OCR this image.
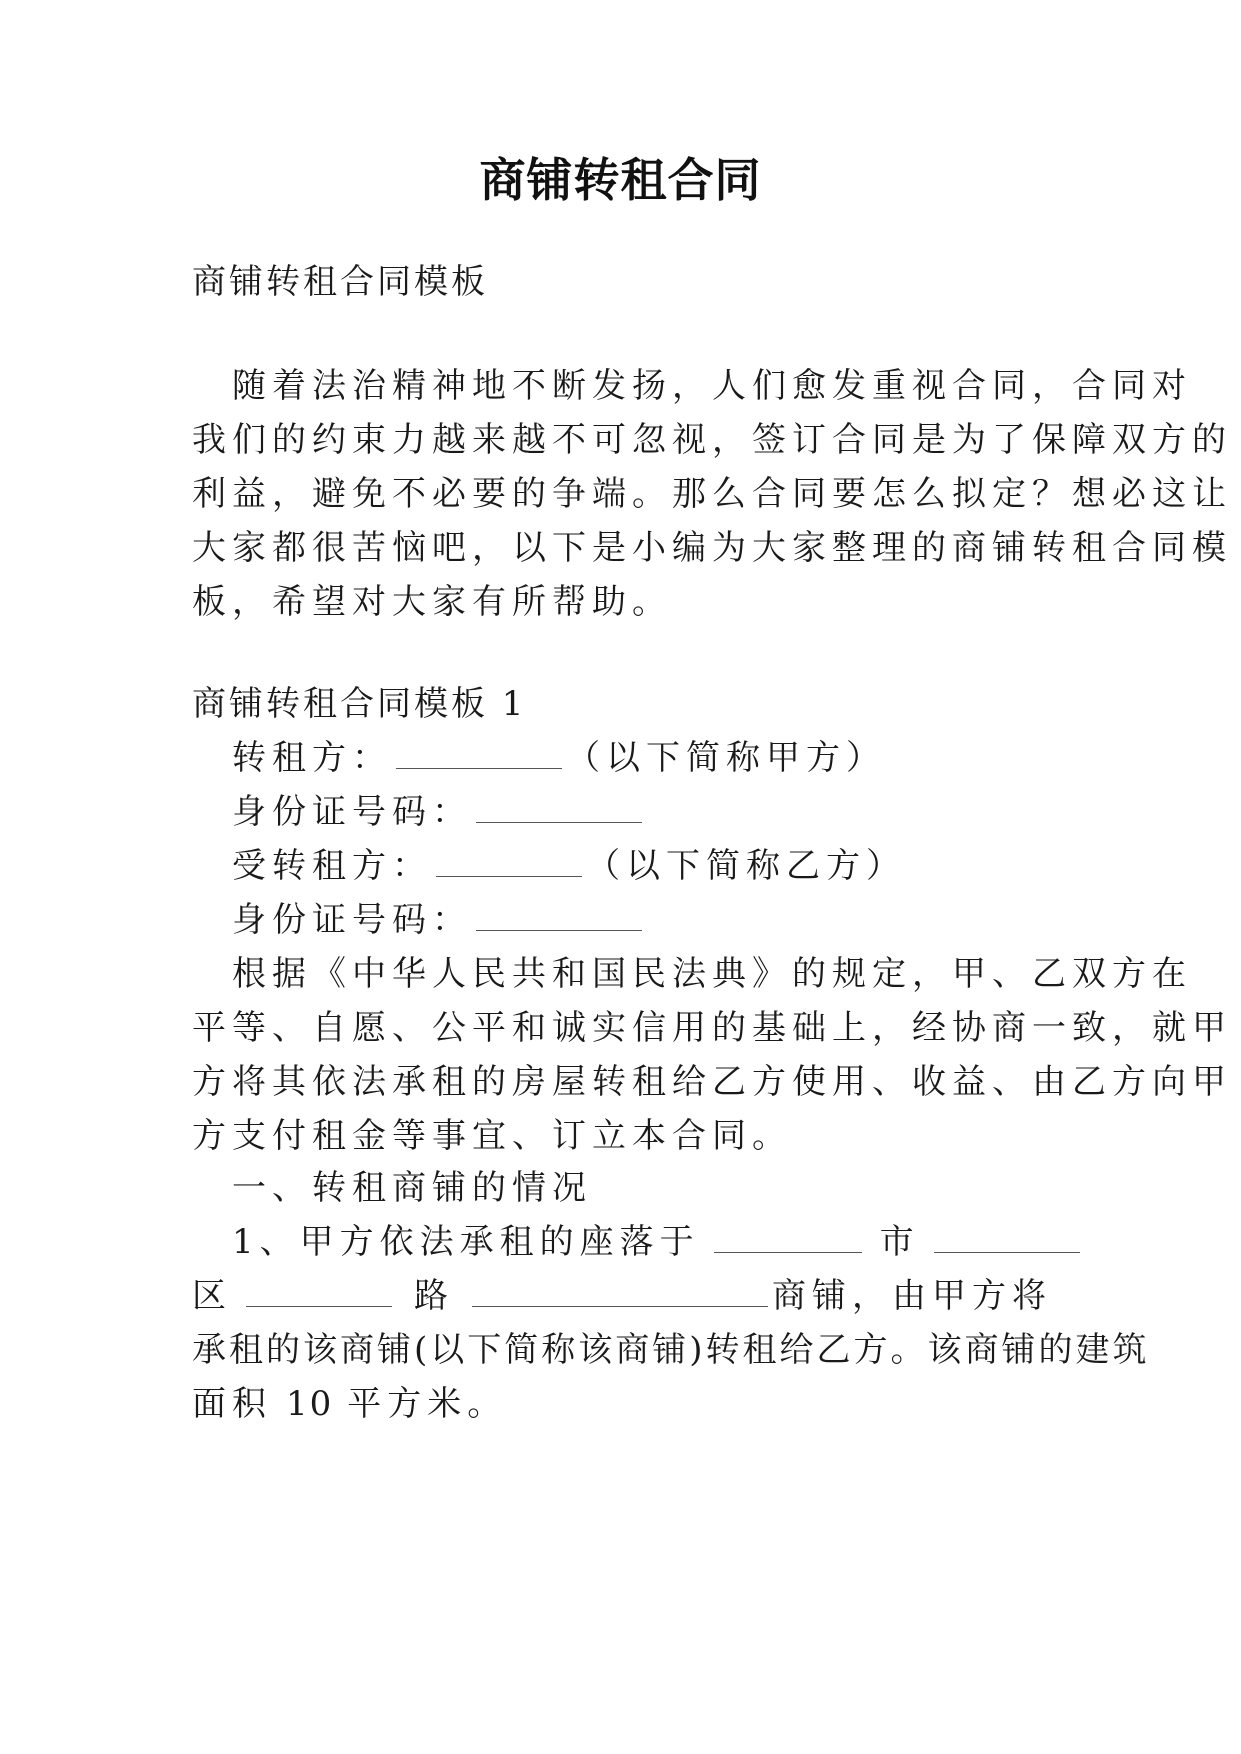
商铺转租合同
商铺转租合同模板
随着法治精神地不断发扬，人们愈发重视合同，合同对
我们的约束力越来越不可忽视，签订合同是为了保障双方的
利益，避免不必要的争端。那么合同要怎么拟定？想必这让
大家都很苦恼吧，以下是小编为大家整理的商铺转租合同模
板，希望对大家有所帮助。
商铺转租合同模板 1
转租方：	（以下简称甲方）
身份证号码：
受转租方：	（以下简称乙方）
身份证号码：
根据《中华人民共和国民法典》的规定，甲、乙双方在
平等、自愿、公平和诚实信用的基础上，经协商一致，就甲
方将其依法承租的房屋转租给乙方使用、收益、由乙方向甲
方支付租金等事宜、订立本合同。
一、转租商铺的情况
1、甲方依法承租的座落于	市
区	路	商铺，由甲方将
承租的该商铺(以下简称该商铺)转租给乙方。该商铺的建筑
面积 10 平方米。
